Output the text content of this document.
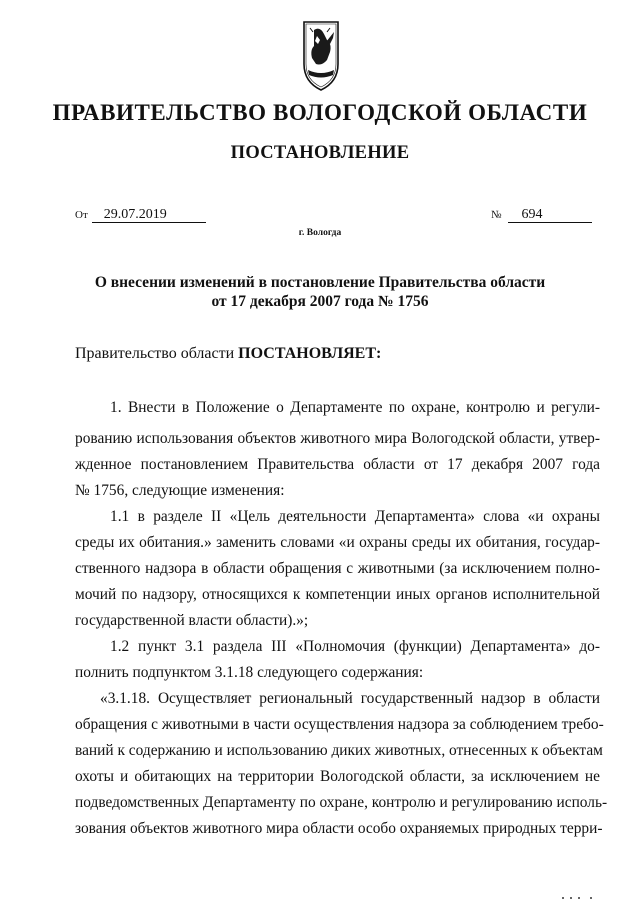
ПРАВИТЕЛЬСТВО ВОЛОГОДСКОЙ ОБЛАСТИ
ПОСТАНОВЛЕНИЕ
От 29.07.2019	№ 694
г. Вологда
О внесении изменений в постановление Правительства области
от 17 декабря 2007 года № 1756
Правительство области ПОСТАНОВЛЯЕТ:
1. Внести в Положение о Департаменте по охране, контролю и регули-
рованию использования объектов животного мира Вологодской области, утвер-
жденное постановлением Правительства области от 17 декабря 2007 года
№ 1756, следующие изменения:
1.1 в разделе II «Цель деятельности Департамента» слова «и охраны
среды их обитания.» заменить словами «и охраны среды их обитания, государ-
ственного надзора в области обращения с животными (за исключением полно-
мочий по надзору, относящихся к компетенции иных органов исполнительной
государственной власти области).»;
1.2 пункт 3.1 раздела III «Полномочия (функции) Департамента» до-
полнить подпунктом 3.1.18 следующего содержания:
«3.1.18. Осуществляет региональный государственный надзор в области
обращения с животными в части осуществления надзора за соблюдением требо-
ваний к содержанию и использованию диких животных, отнесенных к объектам
охоты и обитающих на территории Вологодской области, за исключением не
подведомственных Департаменту по охране, контролю и регулированию исполь-
зования объектов животного мира области особо охраняемых природных терри-
